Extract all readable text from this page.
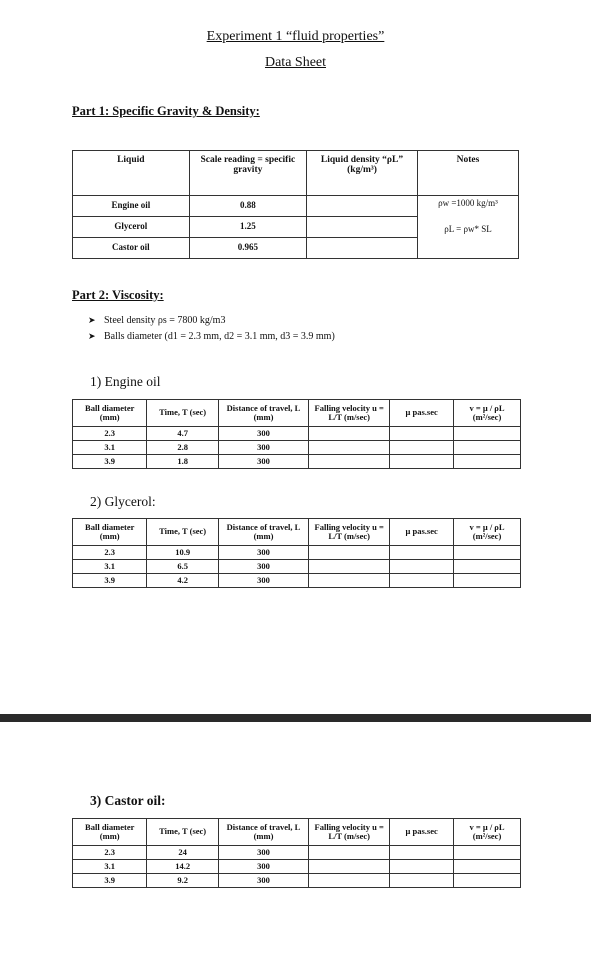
Experiment 1 “fluid properties”
Data Sheet
Part 1: Specific Gravity & Density:
Liquid	Scale reading = specific gravity	Liquid density “ρL” (kg/m³)	Notes
Engine oil	0.88		ρw =1000 kg/m³
ρL = ρw* SL

Glycerol	1.25		
Castor oil	0.965		
Part 2: Viscosity:
➤ Steel density ρs = 7800 kg/m3
➤ Balls diameter (d1 = 2.3 mm, d2 = 3.1 mm, d3 = 3.9 mm)
1) Engine oil
Ball diameter (mm)	Time, T (sec)	Distance of travel, L (mm)	Falling velocity u = L/T (m/sec)	μ pas.sec	v = μ / ρL (m²/sec)
2.3	4.7	300			
3.1	2.8	300			
3.9	1.8	300			
2) Glycerol:
Ball diameter (mm)	Time, T (sec)	Distance of travel, L (mm)	Falling velocity u = L/T (m/sec)	μ pas.sec	v = μ / ρL (m²/sec)
2.3	10.9	300			
3.1	6.5	300			
3.9	4.2	300			
3) Castor oil:
Ball diameter (mm)	Time, T (sec)	Distance of travel, L (mm)	Falling velocity u = L/T (m/sec)	μ pas.sec	v = μ / ρL (m²/sec)
2.3	24	300			
3.1	14.2	300			
3.9	9.2	300			
